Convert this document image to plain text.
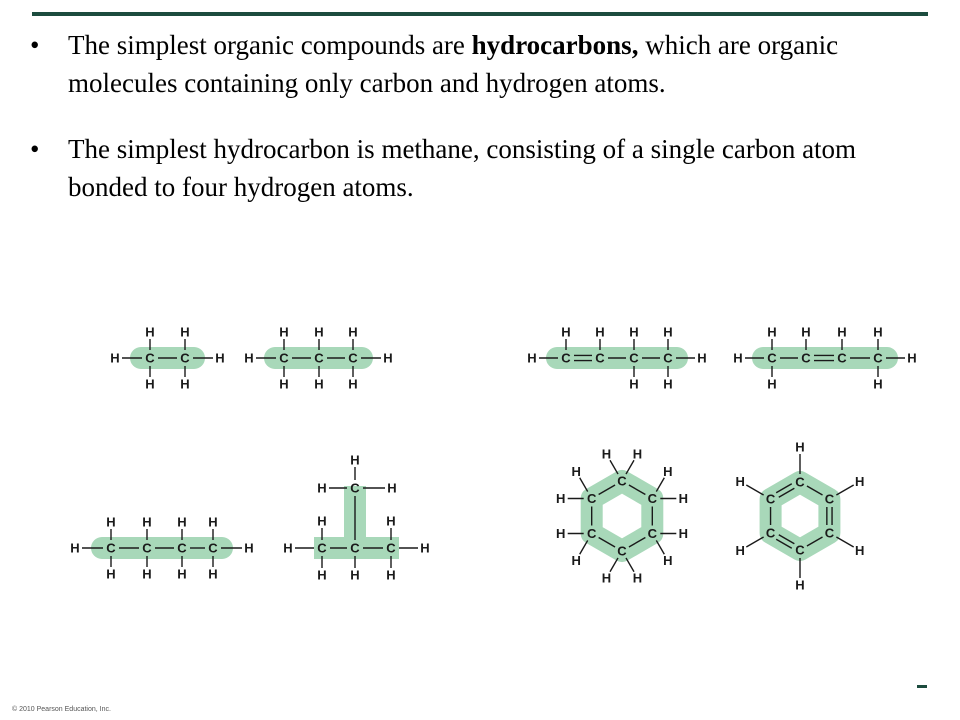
•	The simplest organic compounds are hydrocarbons, which are organic molecules containing only carbon and hydrogen atoms.
•	The simplest hydrocarbon is methane, consisting of a single carbon atom bonded to four hydrogen atoms.
H	H
C
H
H
C
H
H
H	H
C
H
H
C
H
H
C
H
H
H	H
C
H
C
H
C
H
H
C
H
H
H	H
C
H
H
C
H
C
H
C
H
H
H	H
C
H
H
C
H
H
C
H
H
C
H
H
H	H
H
H
H
H
H
H
H	H
C C C
C
H
H
H
H
H
H
H H
H
H
H
H
C
C
C
C
C
C
H
H
H
H
H
H	C
C
C
C
C
C
© 2010 Pearson Education, Inc.
